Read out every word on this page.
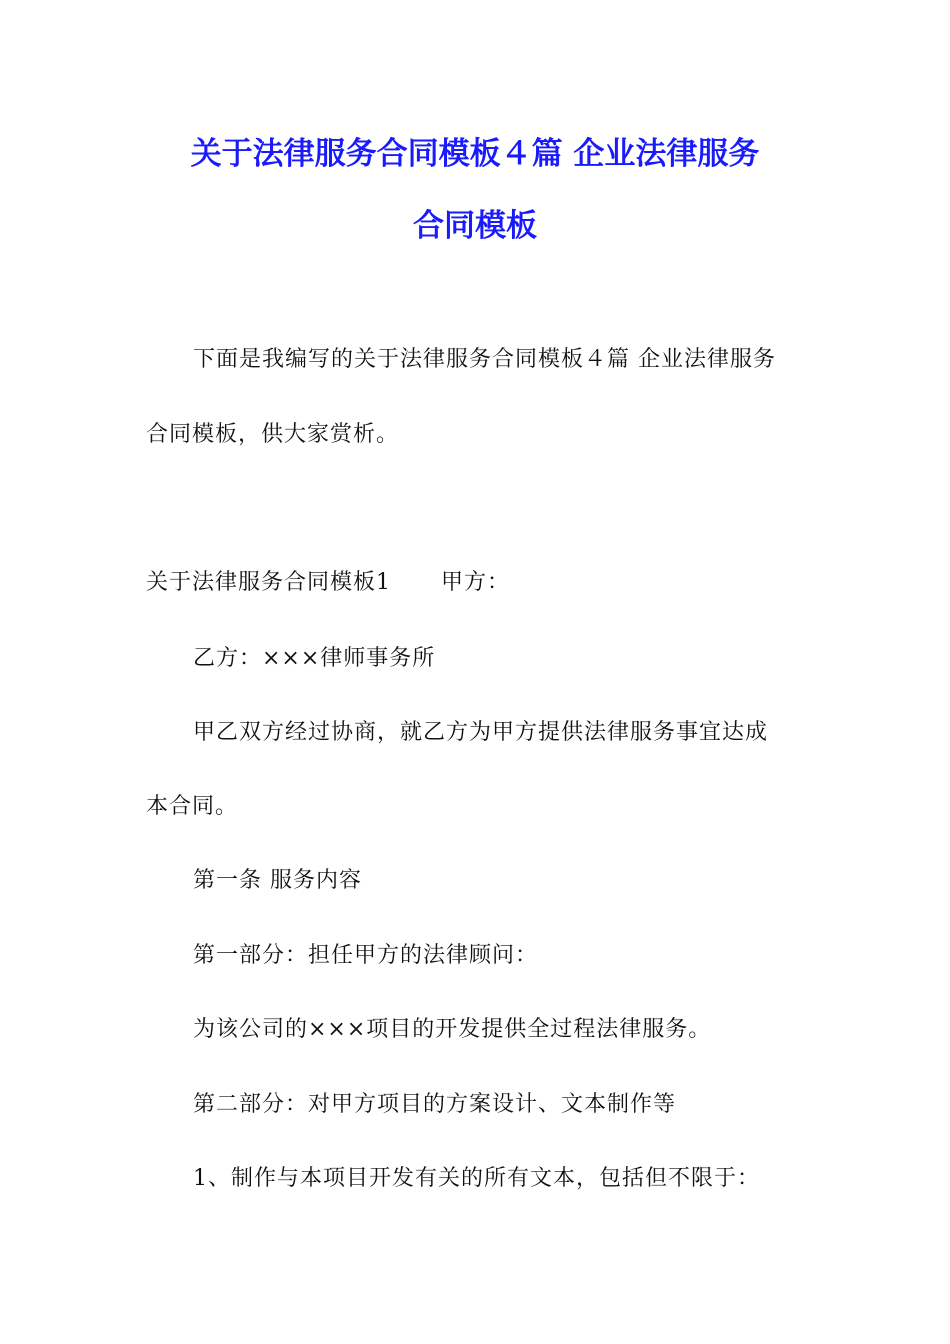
关于法律服务合同模板４篇 企业法律服务
合同模板
下面是我编写的关于法律服务合同模板４篇 企业法律服务
合同模板，供大家赏析。
关于法律服务合同模板1 甲方：
乙方：×××律师事务所
甲乙双方经过协商，就乙方为甲方提供法律服务事宜达成
本合同。
第一条 服务内容
第一部分：担任甲方的法律顾问：
为该公司的×××项目的开发提供全过程法律服务。
第二部分：对甲方项目的方案设计、文本制作等
1、制作与本项目开发有关的所有文本，包括但不限于：
